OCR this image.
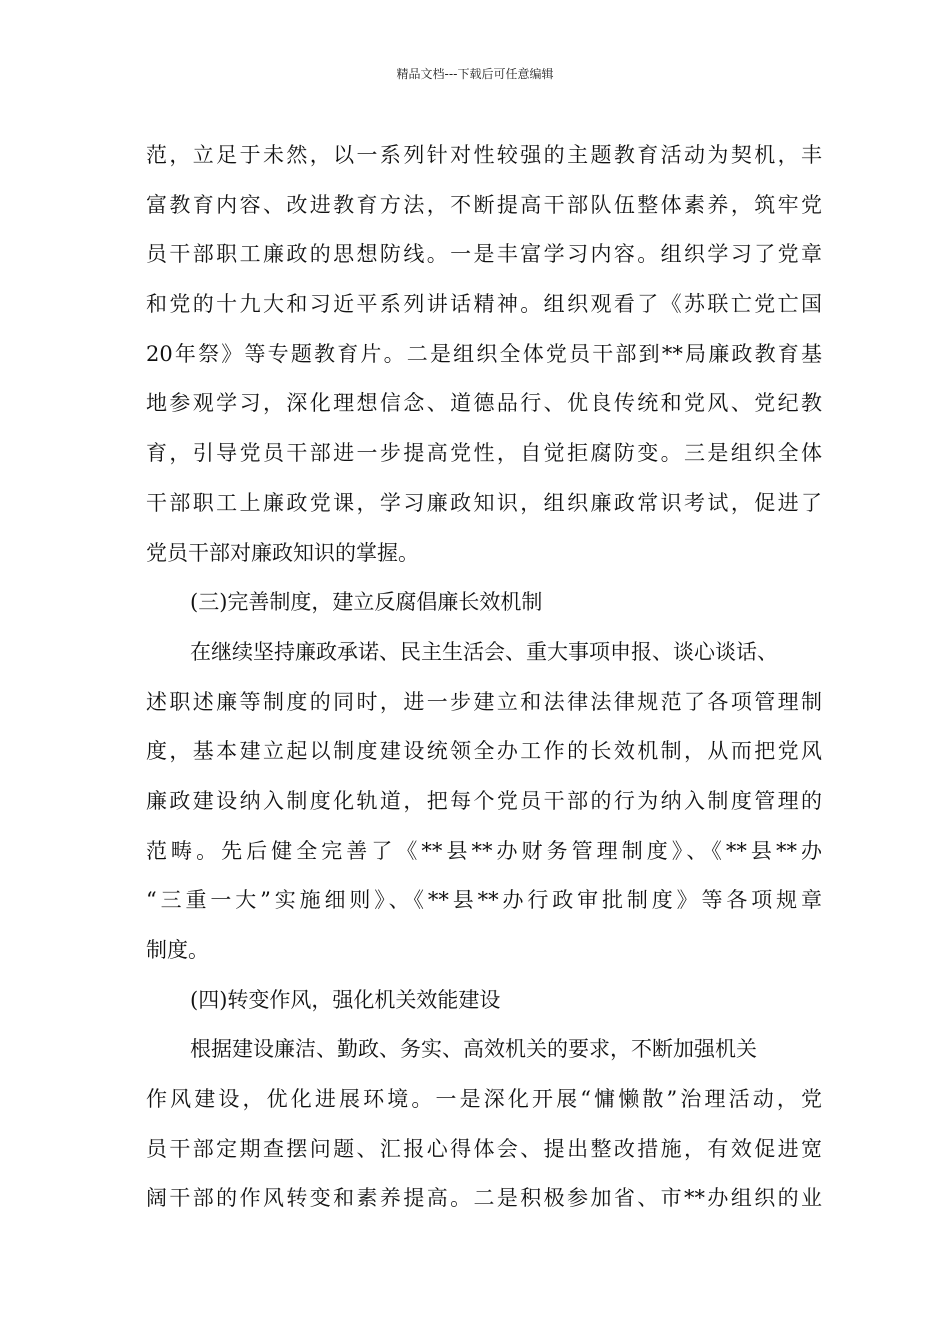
精品文档---下载后可任意编辑
范，立足于未然，以一系列针对性较强的主题教育活动为契机，丰
富教育内容、改进教育方法，不断提高干部队伍整体素养，筑牢党
员干部职工廉政的思想防线。一是丰富学习内容。组织学习了党章
和党的十九大和习近平系列讲话精神。组织观看了《苏联亡党亡国
20年祭》等专题教育片。二是组织全体党员干部到**局廉政教育基
地参观学习，深化理想信念、道德品行、优良传统和党风、党纪教
育，引导党员干部进一步提高党性，自觉拒腐防变。三是组织全体
干部职工上廉政党课，学习廉政知识，组织廉政常识考试，促进了
党员干部对廉政知识的掌握。
(三)完善制度，建立反腐倡廉长效机制
在继续坚持廉政承诺、民主生活会、重大事项申报、谈心谈话、
述职述廉等制度的同时，进一步建立和法律法律规范了各项管理制
度，基本建立起以制度建设统领全办工作的长效机制，从而把党风
廉政建设纳入制度化轨道，把每个党员干部的行为纳入制度管理的
范畴。先后健全完善了《**县**办财务管理制度》、《**县**办
“三重一大”实施细则》、《**县**办行政审批制度》等各项规章
制度。
(四)转变作风，强化机关效能建设
根据建设廉洁、勤政、务实、高效机关的要求，不断加强机关
作风建设，优化进展环境。一是深化开展“慵懒散”治理活动，党
员干部定期查摆问题、汇报心得体会、提出整改措施，有效促进宽
阔干部的作风转变和素养提高。二是积极参加省、市**办组织的业
